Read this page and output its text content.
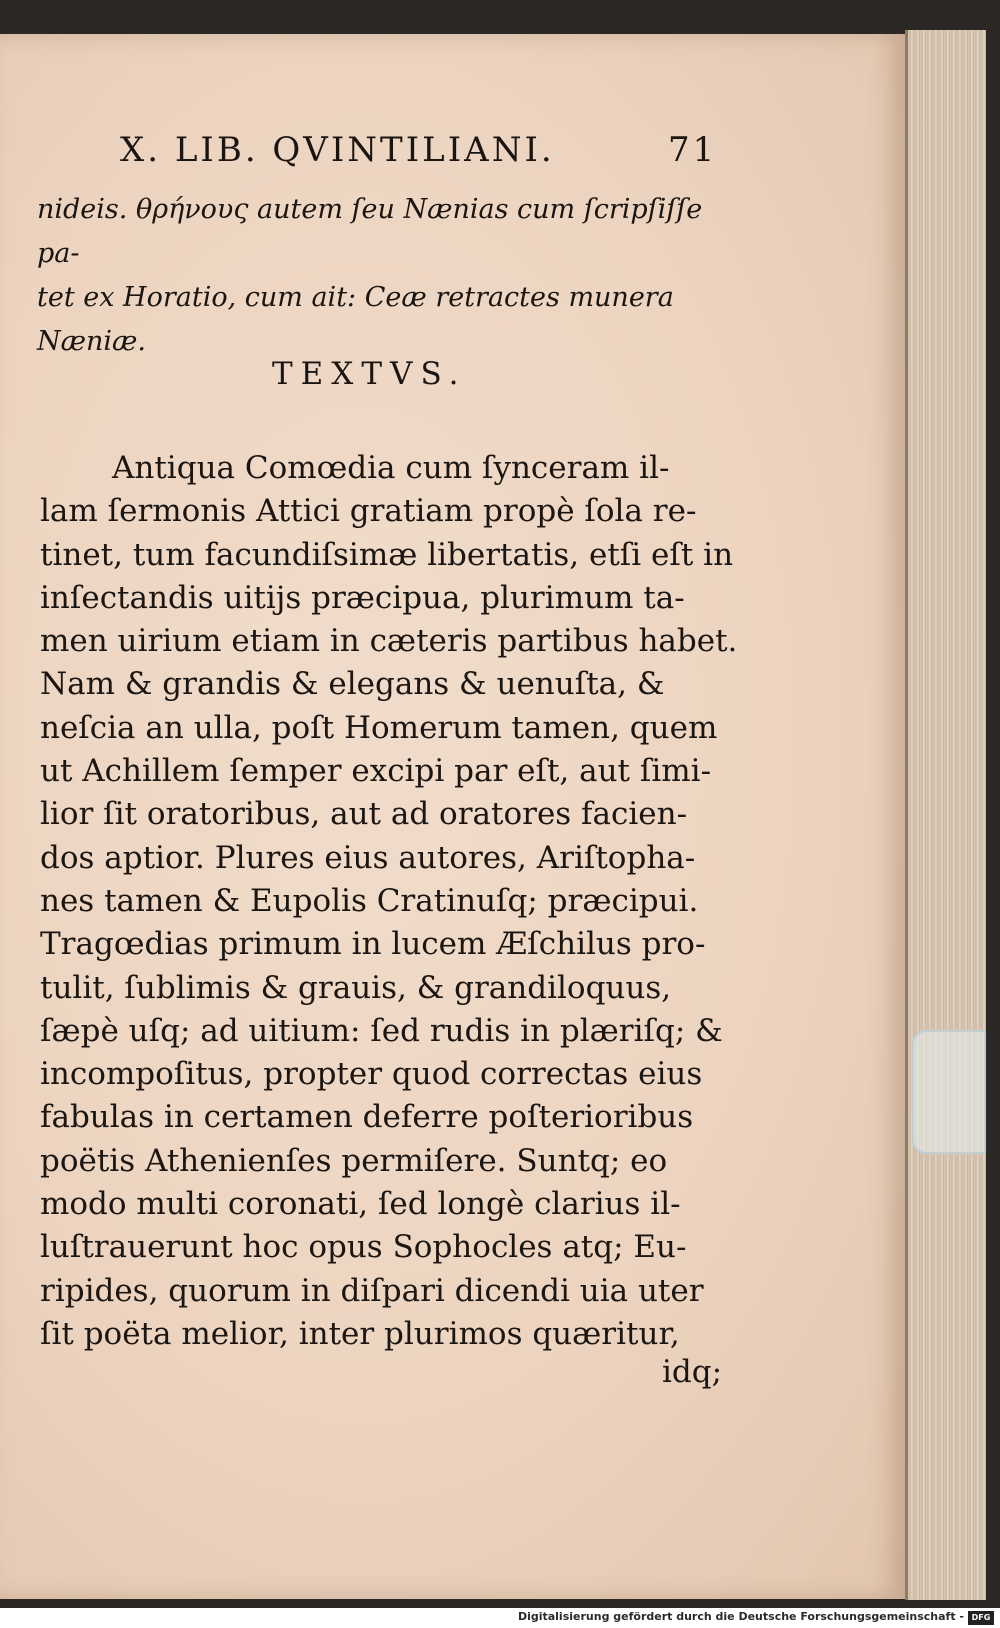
X. LIB. QVINTILIANI.	71
nideis. θρήνους autem ſeu Nænias cum ſcripſiſſe pa-
tet ex Horatio, cum ait: Ceæ retractes munera
Næniæ.
TEXTVS.
Antiqua Comœdia cum ſynceram il-
lam ſermonis Attici gratiam propè ſola re-
tinet, tum facundiſsimæ libertatis, etſi eſt in
inſectandis uitijs præcipua, plurimum ta-
men uirium etiam in cæteris partibus habet.
Nam & grandis & elegans & uenuſta, &
neſcia an ulla, poſt Homerum tamen, quem
ut Achillem ſemper excipi par eſt, aut ſimi-
lior ſit oratoribus, aut ad oratores facien-
dos aptior. Plures eius autores, Ariſtopha-
nes tamen & Eupolis Cratinuſq; præcipui.
Tragœdias primum in lucem Æſchilus pro-
tulit, ſublimis & grauis, & grandiloquus,
ſæpè uſq; ad uitium: ſed rudis in plæriſq; &
incompoſitus, propter quod correctas eius
fabulas in certamen deferre poſterioribus
poëtis Athenienſes permiſere. Suntq; eo
modo multi coronati, ſed longè clarius il-
luſtrauerunt hoc opus Sophocles atq; Eu-
ripides, quorum in diſpari dicendi uia uter
ſit poëta melior, inter plurimos quæritur,
idq;
Digitalisierung gefördert durch die Deutsche Forschungsgemeinschaft - DFG
